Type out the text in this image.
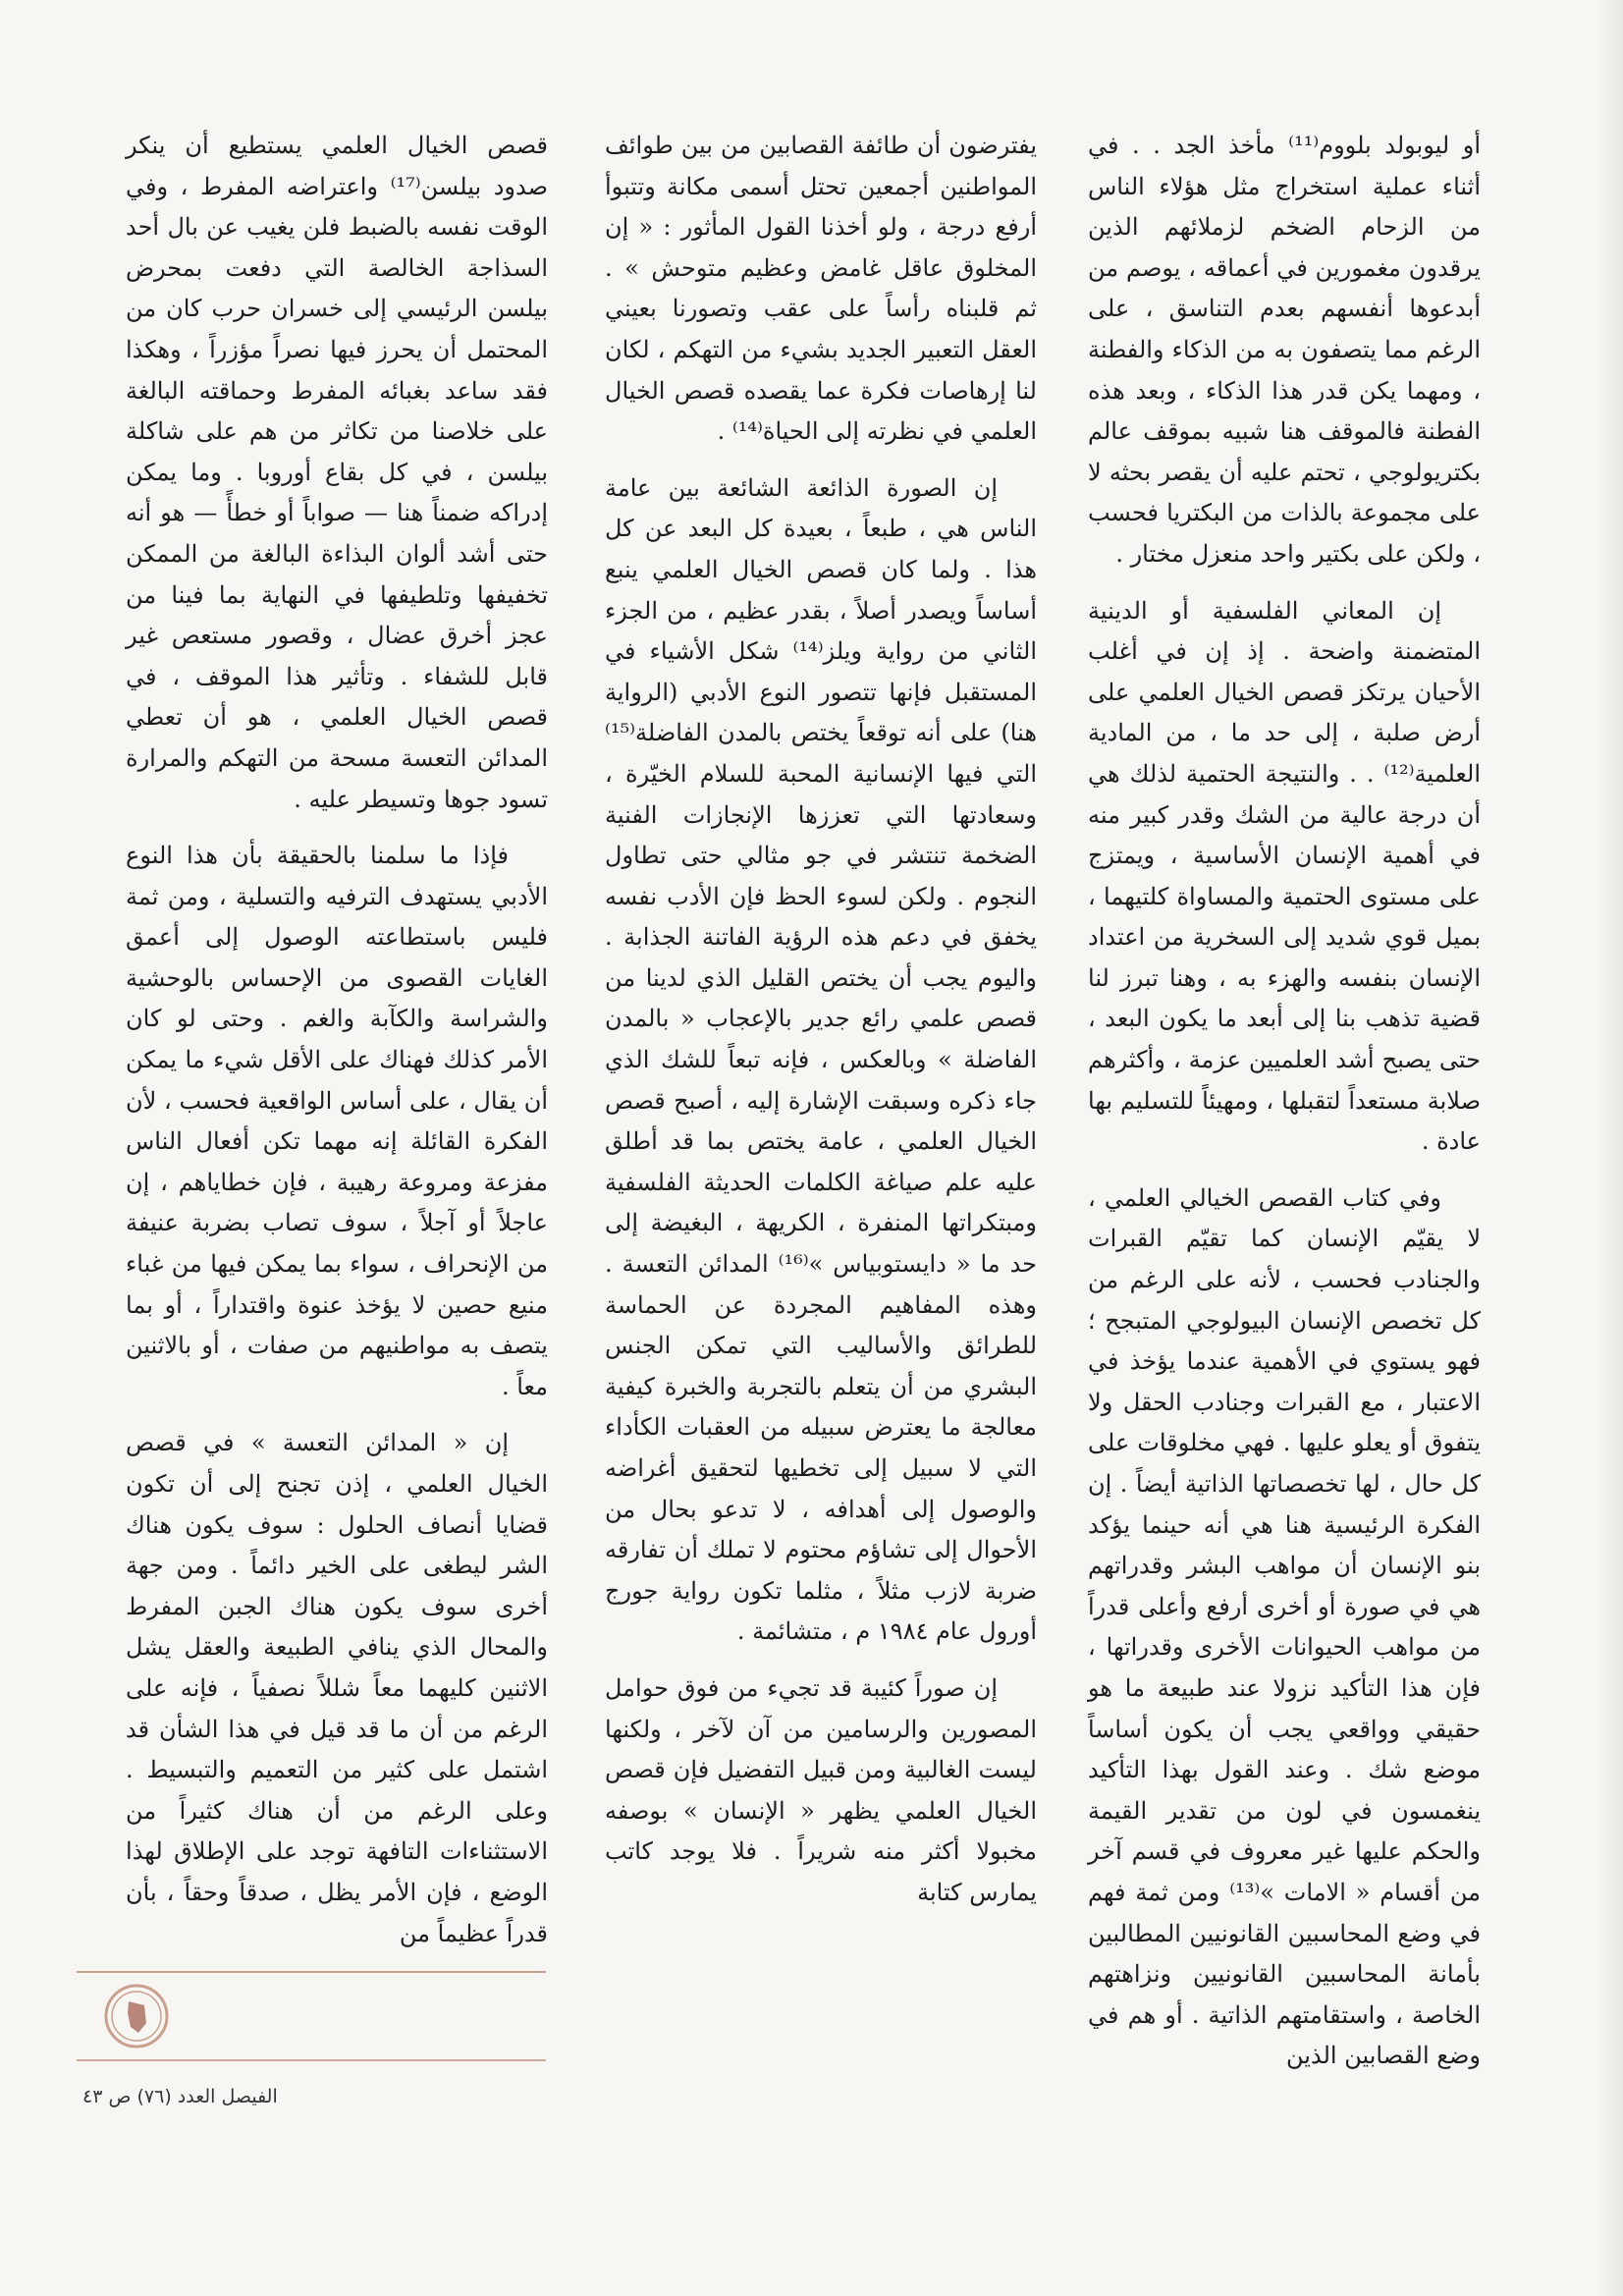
أو ليوبولد بلووم⁽¹¹⁾ مأخذ الجد . . في أثناء عملية استخراج مثل هؤلاء الناس من الزحام الضخم لزملائهم الذين يرقدون مغمورين في أعماقه ، يوصم من أبدعوها أنفسهم بعدم التناسق ، على الرغم مما يتصفون به من الذكاء والفطنة ، ومهما يكن قدر هذا الذكاء ، وبعد هذه الفطنة فالموقف هنا شبيه بموقف عالم بكتريولوجي ، تحتم عليه أن يقصر بحثه لا على مجموعة بالذات من البكتريا فحسب ، ولكن على بكتير واحد منعزل مختار .

إن المعاني الفلسفية أو الدينية المتضمنة واضحة . إذ إن في أغلب الأحيان يرتكز قصص الخيال العلمي على أرض صلبة ، إلى حد ما ، من المادية العلمية⁽¹²⁾ . . والنتيجة الحتمية لذلك هي أن درجة عالية من الشك وقدر كبير منه في أهمية الإنسان الأساسية ، ويمتزج على مستوى الحتمية والمساواة كلتيهما ، بميل قوي شديد إلى السخرية من اعتداد الإنسان بنفسه والهزء به ، وهنا تبرز لنا قضية تذهب بنا إلى أبعد ما يكون البعد ، حتى يصبح أشد العلميين عزمة ، وأكثرهم صلابة مستعداً لتقبلها ، ومهيئاً للتسليم بها عادة .

وفي كتاب القصص الخيالي العلمي ، لا يقيّم الإنسان كما تقيّم القبرات والجنادب فحسب ، لأنه على الرغم من كل تخصص الإنسان البيولوجي المتبجح ؛ فهو يستوي في الأهمية عندما يؤخذ في الاعتبار ، مع القبرات وجنادب الحقل ولا يتفوق أو يعلو عليها . فهي مخلوقات على كل حال ، لها تخصصاتها الذاتية أيضاً . إن الفكرة الرئيسية هنا هي أنه حينما يؤكد بنو الإنسان أن مواهب البشر وقدراتهم هي في صورة أو أخرى أرفع وأعلى قدراً من مواهب الحيوانات الأخرى وقدراتها ، فإن هذا التأكيد نزولا عند طبيعة ما هو حقيقي وواقعي يجب أن يكون أساساً موضع شك . وعند القول بهذا التأكيد ينغمسون في لون من تقدير القيمة والحكم عليها غير معروف في قسم آخر من أقسام « الامات »⁽¹³⁾ ومن ثمة فهم في وضع المحاسبين القانونيين المطالبين بأمانة المحاسبين القانونيين ونزاهتهم الخاصة ، واستقامتهم الذاتية . أو هم في وضع القصابين الذين

يفترضون أن طائفة القصابين من بين طوائف المواطنين أجمعين تحتل أسمى مكانة وتتبوأ أرفع درجة ، ولو أخذنا القول المأثور : « إن المخلوق عاقل غامض وعظيم متوحش » . ثم قلبناه رأساً على عقب وتصورنا بعيني العقل التعبير الجديد بشيء من التهكم ، لكان لنا إرهاصات فكرة عما يقصده قصص الخيال العلمي في نظرته إلى الحياة⁽¹⁴⁾ .

إن الصورة الذائعة الشائعة بين عامة الناس هي ، طبعاً ، بعيدة كل البعد عن كل هذا . ولما كان قصص الخيال العلمي ينبع أساساً ويصدر أصلاً ، بقدر عظيم ، من الجزء الثاني من رواية ويلز⁽¹⁴⁾ شكل الأشياء في المستقبل فإنها تتصور النوع الأدبي (الرواية هنا) على أنه توقعاً يختص بالمدن الفاضلة⁽¹⁵⁾ التي فيها الإنسانية المحبة للسلام الخيّرة ، وسعادتها التي تعززها الإنجازات الفنية الضخمة تنتشر في جو مثالي حتى تطاول النجوم . ولكن لسوء الحظ فإن الأدب نفسه يخفق في دعم هذه الرؤية الفاتنة الجذابة . واليوم يجب أن يختص القليل الذي لدينا من قصص علمي رائع جدير بالإعجاب « بالمدن الفاضلة » وبالعكس ، فإنه تبعاً للشك الذي جاء ذكره وسبقت الإشارة إليه ، أصبح قصص الخيال العلمي ، عامة يختص بما قد أطلق عليه علم صياغة الكلمات الحديثة الفلسفية ومبتكراتها المنفرة ، الكريهة ، البغيضة إلى حد ما « دايستوبياس »⁽¹⁶⁾ المدائن التعسة . وهذه المفاهيم المجردة عن الحماسة للطرائق والأساليب التي تمكن الجنس البشري من أن يتعلم بالتجربة والخبرة كيفية معالجة ما يعترض سبيله من العقبات الكأداء التي لا سبيل إلى تخطيها لتحقيق أغراضه والوصول إلى أهدافه ، لا تدعو بحال من الأحوال إلى تشاؤم محتوم لا تملك أن تفارقه ضربة لازب مثلاً ، مثلما تكون رواية جورج أورول عام ١٩٨٤ م ، متشائمة .

إن صوراً كئيبة قد تجيء من فوق حوامل المصورين والرسامين من آن لآخر ، ولكنها ليست الغالبية ومن قبيل التفضيل فإن قصص الخيال العلمي يظهر « الإنسان » بوصفه مخبولا أكثر منه شريراً . فلا يوجد كاتب يمارس كتابة

قصص الخيال العلمي يستطيع أن ينكر صدود بيلسن⁽¹⁷⁾ واعتراضه المفرط ، وفي الوقت نفسه بالضبط فلن يغيب عن بال أحد السذاجة الخالصة التي دفعت بمحرض بيلسن الرئيسي إلى خسران حرب كان من المحتمل أن يحرز فيها نصراً مؤزراً ، وهكذا فقد ساعد بغبائه المفرط وحماقته البالغة على خلاصنا من تكاثر من هم على شاكلة بيلسن ، في كل بقاع أوروبا . وما يمكن إدراكه ضمناً هنا — صواباً أو خطأً — هو أنه حتى أشد ألوان البذاءة البالغة من الممكن تخفيفها وتلطيفها في النهاية بما فينا من عجز أخرق عضال ، وقصور مستعص غير قابل للشفاء . وتأثير هذا الموقف ، في قصص الخيال العلمي ، هو أن تعطي المدائن التعسة مسحة من التهكم والمرارة تسود جوها وتسيطر عليه .

فإذا ما سلمنا بالحقيقة بأن هذا النوع الأدبي يستهدف الترفيه والتسلية ، ومن ثمة فليس باستطاعته الوصول إلى أعمق الغايات القصوى من الإحساس بالوحشية والشراسة والكآبة والغم . وحتى لو كان الأمر كذلك فهناك على الأقل شيء ما يمكن أن يقال ، على أساس الواقعية فحسب ، لأن الفكرة القائلة إنه مهما تكن أفعال الناس مفزعة ومروعة رهيبة ، فإن خطاياهم ، إن عاجلاً أو آجلاً ، سوف تصاب بضربة عنيفة من الإنحراف ، سواء بما يمكن فيها من غباء منيع حصين لا يؤخذ عنوة واقتداراً ، أو بما يتصف به مواطنيهم من صفات ، أو بالاثنين معاً .

إن « المدائن التعسة » في قصص الخيال العلمي ، إذن تجنح إلى أن تكون قضايا أنصاف الحلول : سوف يكون هناك الشر ليطغى على الخير دائماً . ومن جهة أخرى سوف يكون هناك الجبن المفرط والمحال الذي ينافي الطبيعة والعقل يشل الاثنين كليهما معاً شللاً نصفياً ، فإنه على الرغم من أن ما قد قيل في هذا الشأن قد اشتمل على كثير من التعميم والتبسيط . وعلى الرغم من أن هناك كثيراً من الاستثناءات التافهة توجد على الإطلاق لهذا الوضع ، فإن الأمر يظل ، صدقاً وحقاً ، بأن قدراً عظيماً من

الفيصل العدد (٧٦) ص ٤٣
